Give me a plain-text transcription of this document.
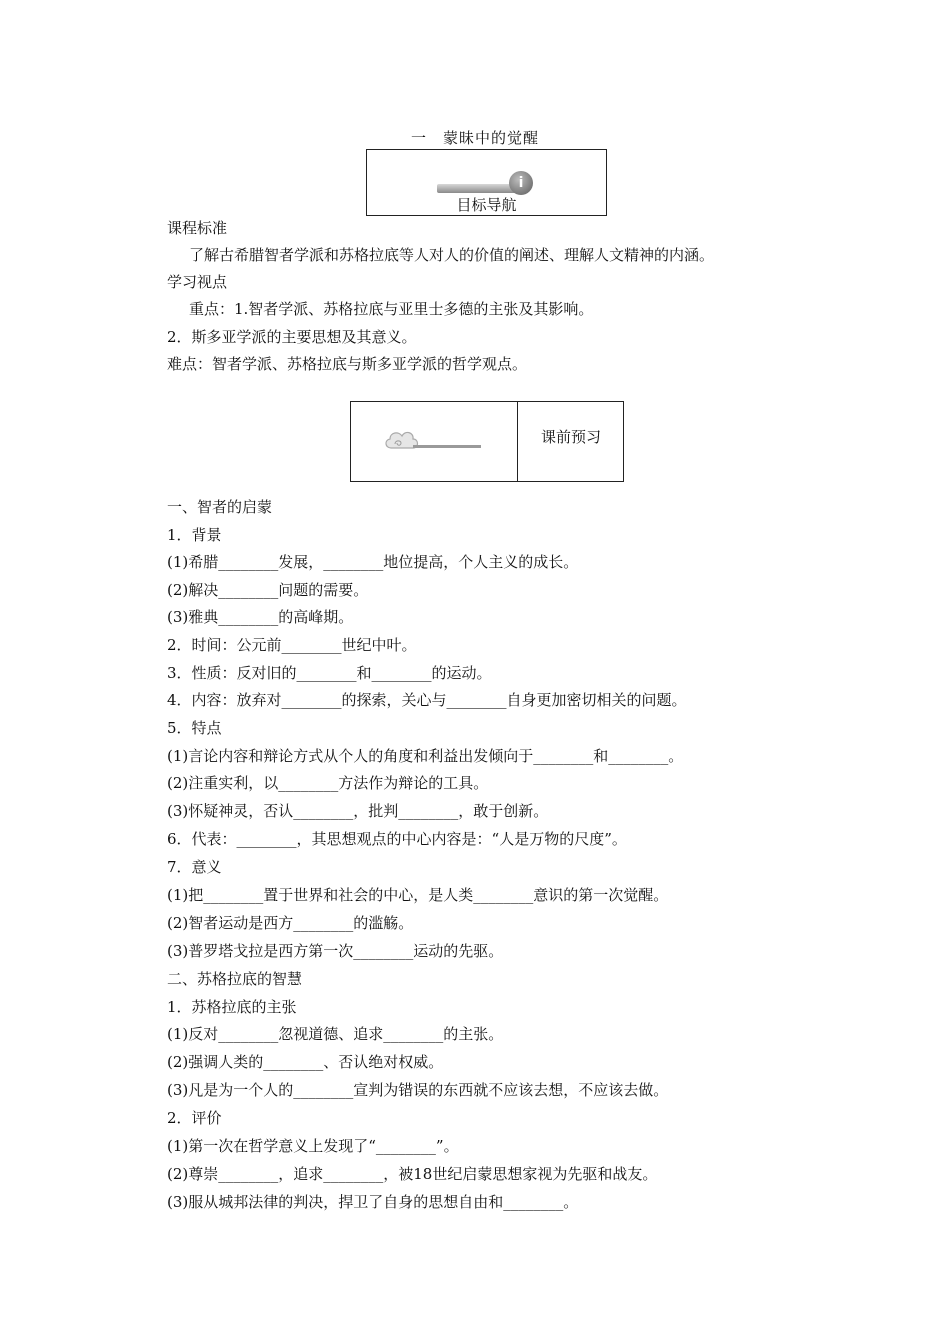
一　蒙昧中的觉醒
i
目标导航
课前预习
课程标准
了解古希腊智者学派和苏格拉底等人对人的价值的阐述、理解人文精神的内涵。
学习视点
重点：1.智者学派、苏格拉底与亚里士多德的主张及其影响。
2．斯多亚学派的主要思想及其意义。
难点：智者学派、苏格拉底与斯多亚学派的哲学观点。
一、智者的启蒙
1．背景
(1)希腊________发展，________地位提高，个人主义的成长。
(2)解决________问题的需要。
(3)雅典________的高峰期。
2．时间：公元前________世纪中叶。
3．性质：反对旧的________和________的运动。
4．内容：放弃对________的探索，关心与________自身更加密切相关的问题。
5．特点
(1)言论内容和辩论方式从个人的角度和利益出发倾向于________和________。
(2)注重实利，以________方法作为辩论的工具。
(3)怀疑神灵，否认________，批判________，敢于创新。
6．代表：________，其思想观点的中心内容是：“人是万物的尺度”。
7．意义
(1)把________置于世界和社会的中心，是人类________意识的第一次觉醒。
(2)智者运动是西方________的滥觞。
(3)普罗塔戈拉是西方第一次________运动的先驱。
二、苏格拉底的智慧
1．苏格拉底的主张
(1)反对________忽视道德、追求________的主张。
(2)强调人类的________、否认绝对权威。
(3)凡是为一个人的________宣判为错误的东西就不应该去想，不应该去做。
2．评价
(1)第一次在哲学意义上发现了“________”。
(2)尊崇________，追求________，被18世纪启蒙思想家视为先驱和战友。
(3)服从城邦法律的判决，捍卫了自身的思想自由和________。
